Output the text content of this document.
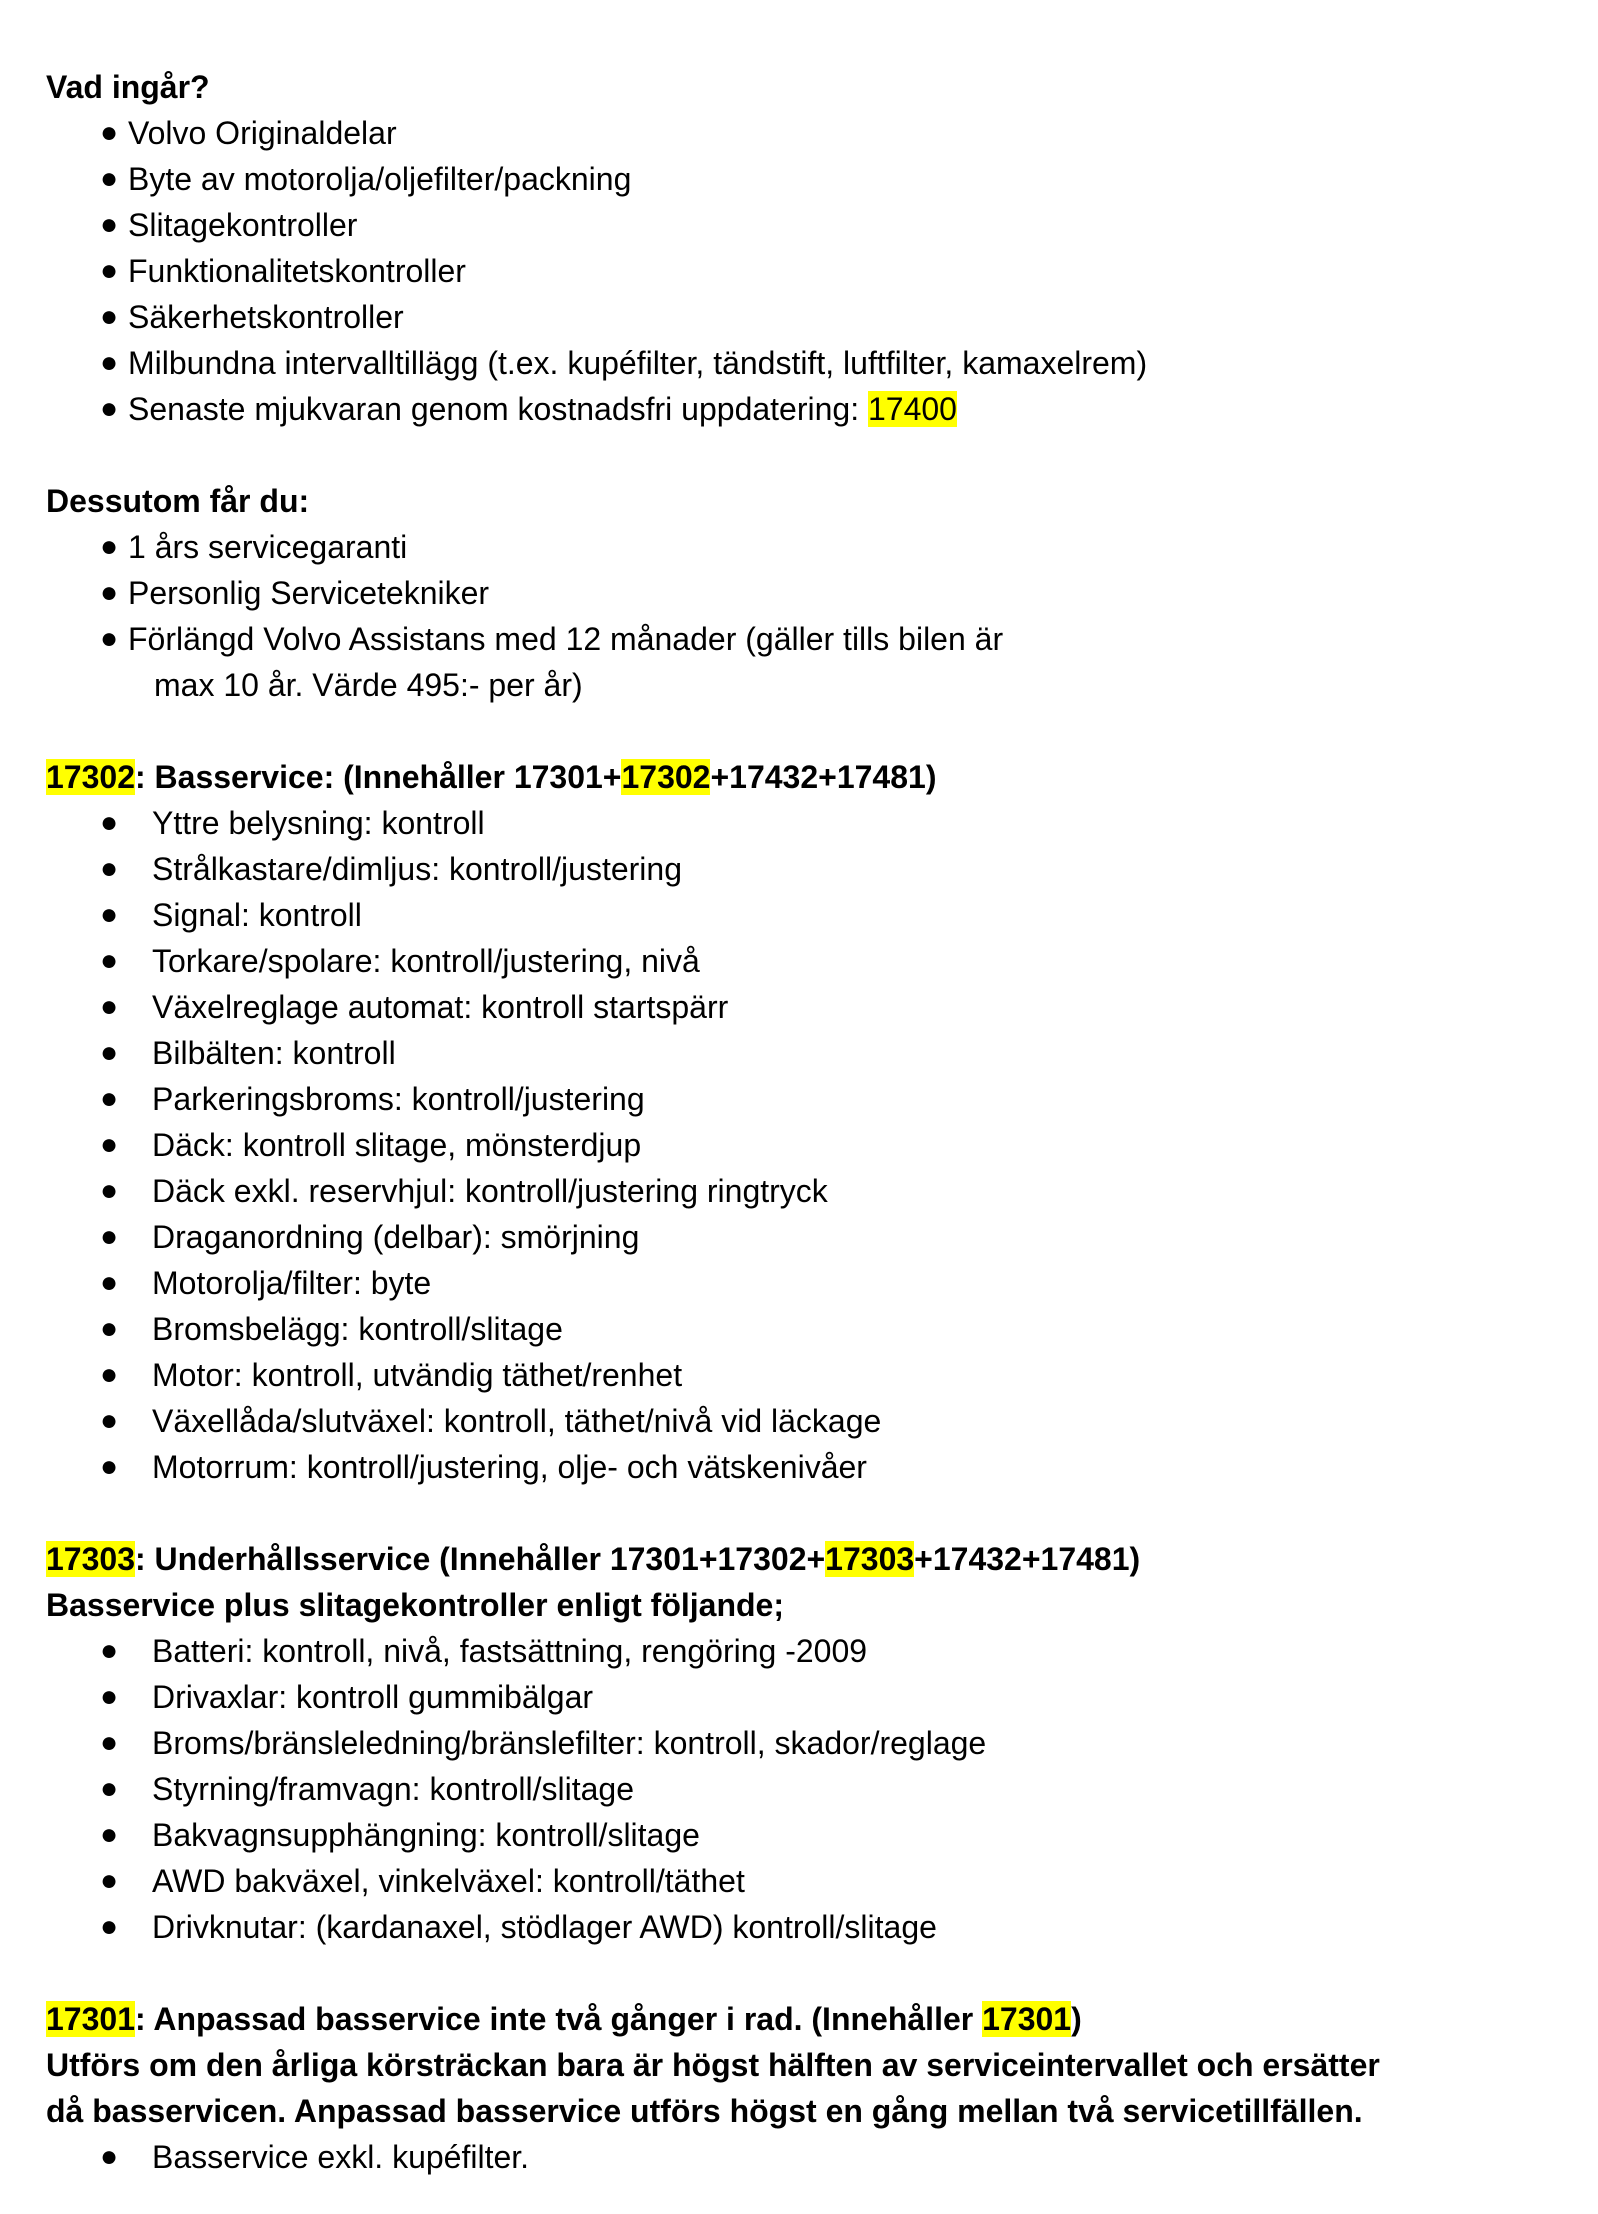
Vad ingår?
● Volvo Originaldelar
● Byte av motorolja/oljefilter/packning
● Slitagekontroller
● Funktionalitetskontroller
● Säkerhetskontroller
● Milbundna intervalltillägg (t.ex. kupéfilter, tändstift, luftfilter, kamaxelrem)
● Senaste mjukvaran genom kostnadsfri uppdatering: 17400
Dessutom får du:
● 1 års servicegaranti
● Personlig Servicetekniker
● Förlängd Volvo Assistans med 12 månader (gäller tills bilen är
max 10 år. Värde 495:- per år)
17302: Basservice: (Innehåller 17301+17302+17432+17481)
● Yttre belysning: kontroll
● Strålkastare/dimljus: kontroll/justering
● Signal: kontroll
● Torkare/spolare: kontroll/justering, nivå
● Växelreglage automat: kontroll startspärr
● Bilbälten: kontroll
● Parkeringsbroms: kontroll/justering
● Däck: kontroll slitage, mönsterdjup
● Däck exkl. reservhjul: kontroll/justering ringtryck
● Draganordning (delbar): smörjning
● Motorolja/filter: byte
● Bromsbelägg: kontroll/slitage
● Motor: kontroll, utvändig täthet/renhet
● Växellåda/slutväxel: kontroll, täthet/nivå vid läckage
● Motorrum: kontroll/justering, olje- och vätskenivåer
17303: Underhållsservice (Innehåller 17301+17302+17303+17432+17481)
Basservice plus slitagekontroller enligt följande;
● Batteri: kontroll, nivå, fastsättning, rengöring -2009
● Drivaxlar: kontroll gummibälgar
● Broms/bränsleledning/bränslefilter: kontroll, skador/reglage
● Styrning/framvagn: kontroll/slitage
● Bakvagnsupphängning: kontroll/slitage
● AWD bakväxel, vinkelväxel: kontroll/täthet
● Drivknutar: (kardanaxel, stödlager AWD) kontroll/slitage
17301: Anpassad basservice inte två gånger i rad. (Innehåller 17301)
Utförs om den årliga körsträckan bara är högst hälften av serviceintervallet och ersätter
då basservicen. Anpassad basservice utförs högst en gång mellan två servicetillfällen.
● Basservice exkl. kupéfilter.
